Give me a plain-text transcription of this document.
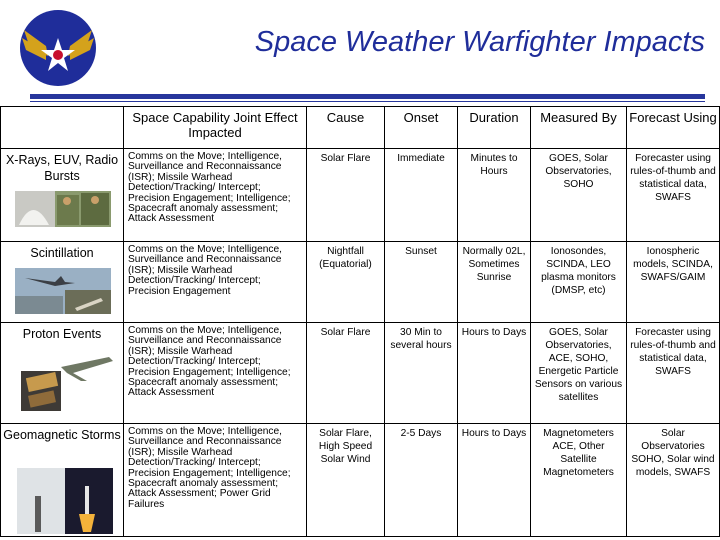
Space Weather Warfighter Impacts
	Space Capability Joint Effect Impacted	Cause	Onset	Duration	Measured By	Forecast Using

X-Rays, EUV, Radio Bursts	Comms on the Move; Intelligence, Surveillance and Reconnaissance (ISR); Missile Warhead Detection/Tracking/ Intercept; Precision Engagement; Intelligence; Spacecraft anomaly assessment; Attack Assessment	Solar Flare	Immediate	Minutes to Hours	GOES, Solar Observatories, SOHO	Forecaster using rules-of-thumb and statistical data, SWAFS

Scintillation	Comms on the Move; Intelligence, Surveillance and Reconnaissance (ISR); Missile Warhead Detection/Tracking/ Intercept; Precision Engagement	Nightfall (Equatorial)	Sunset	Normally 02L, Sometimes Sunrise	Ionosondes, SCINDA, LEO plasma monitors (DMSP, etc)	Ionospheric models, SCINDA, SWAFS/GAIM

Proton Events	Comms on the Move; Intelligence, Surveillance and Reconnaissance (ISR); Missile Warhead Detection/Tracking/ Intercept; Precision Engagement; Intelligence; Spacecraft anomaly assessment; Attack Assessment	Solar Flare	30 Min to several hours	Hours to Days	GOES, Solar Observatories, ACE, SOHO, Energetic Particle Sensors on various satellites	Forecaster using rules-of-thumb and statistical data, SWAFS

Geomagnetic Storms	Comms on the Move; Intelligence, Surveillance and Reconnaissance (ISR); Missile Warhead Detection/Tracking/ Intercept; Precision Engagement; Intelligence; Spacecraft anomaly assessment; Attack Assessment; Power Grid Failures	Solar Flare, High Speed Solar Wind	2-5 Days	Hours to Days	Magnetometers ACE, Other Satellite Magnetometers	Solar Observatories SOHO, Solar wind models, SWAFS
